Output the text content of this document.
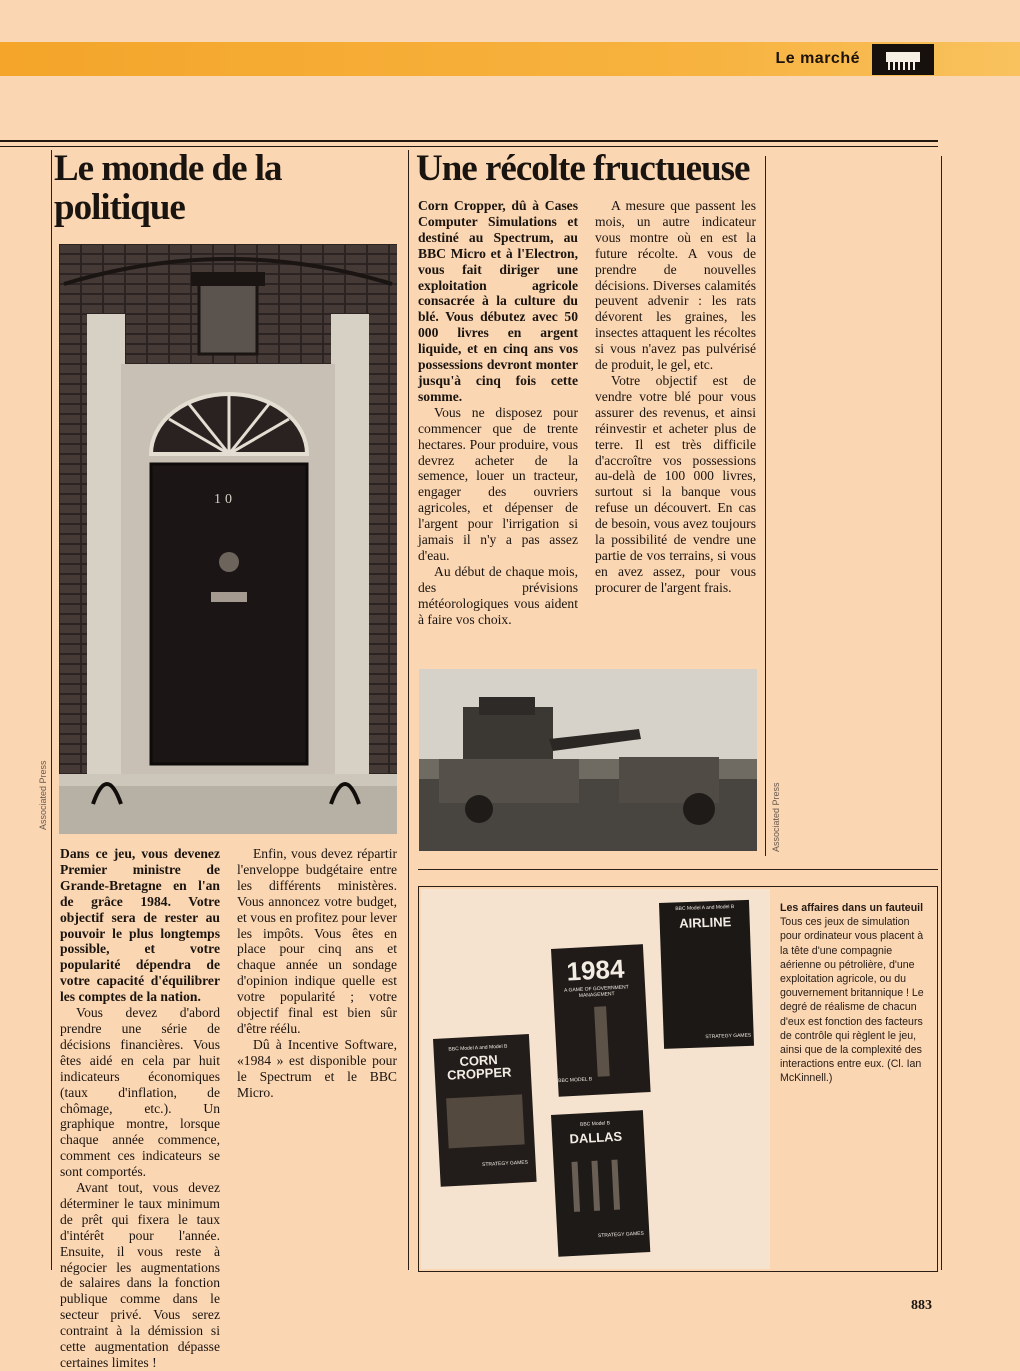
Le marché
Le monde de la politique
10
Associated Press

Dans ce jeu, vous devenez Premier ministre de Grande-Bretagne en l'an de grâce 1984. Votre objectif sera de rester au pouvoir le plus longtemps possible, et votre popularité dépendra de votre capacité d'équilibrer les comptes de la nation.

Vous devez d'abord prendre une série de décisions financières. Vous êtes aidé en cela par huit indicateurs économiques (taux d'inflation, de chômage, etc.). Un graphique montre, lorsque chaque année commence, comment ces indicateurs se sont comportés.

Avant tout, vous devez déterminer le taux minimum de prêt qui fixera le taux d'intérêt pour l'année. Ensuite, il vous reste à négocier les augmentations de salaires dans la fonction publique comme dans le secteur privé. Vous serez contraint à la démission si cette augmentation dépasse certaines limites !

Enfin, vous devez répartir l'enveloppe budgétaire entre les différents ministères. Vous annoncez votre budget, et vous en profitez pour lever les impôts. Vous êtes en place pour cinq ans et chaque année un sondage d'opinion indique quelle est votre popularité ; votre objectif final est bien sûr d'être réélu.

Dû à Incentive Software, «1984 » est disponible pour le Spectrum et le BBC Micro.

Une récolte fructueuse

Corn Cropper, dû à Cases Computer Simulations et destiné au Spectrum, au BBC Micro et à l'Electron, vous fait diriger une exploitation agricole consacrée à la culture du blé. Vous débutez avec 50 000 livres en argent liquide, et en cinq ans vos possessions devront monter jusqu'à cinq fois cette somme.

Vous ne disposez pour commencer que de trente hectares. Pour produire, vous devrez acheter de la semence, louer un tracteur, engager des ouvriers agricoles, et dépenser de l'argent pour l'irrigation si jamais il n'y a pas assez d'eau.

Au début de chaque mois, des prévisions météorologiques vous aident à faire vos choix.

A mesure que passent les mois, un autre indicateur vous montre où en est la future récolte. A vous de prendre de nouvelles décisions. Diverses calamités peuvent advenir : les rats dévorent les graines, les insectes attaquent les récoltes si vous n'avez pas pulvérisé de produit, le gel, etc.

Votre objectif est de vendre votre blé pour vous assurer des revenus, et ainsi réinvestir et acheter plus de terre. Il est très difficile d'accroître vos possessions au-delà de 100 000 livres, surtout si la banque vous refuse un découvert. En cas de besoin, vous avez toujours la possibilité de vendre une partie de vos terrains, si vous en avez assez, pour vous procurer de l'argent frais.

Associated Press
BBC Model A and Model B
AIRLINE
STRATEGY GAMES
1984
A GAME OF GOVERNMENT MANAGEMENT
BBC MODEL B
BBC Model A and Model B
CORN CROPPER
STRATEGY GAMES
BBC Model B
DALLAS
STRATEGY GAMES
Les affaires dans un fauteuil
Tous ces jeux de simulation pour ordinateur vous placent à la tête d'une compagnie aérienne ou pétrolière, d'une exploitation agricole, ou du gouvernement britannique ! Le degré de réalisme de chacun d'eux est fonction des facteurs de contrôle qui règlent le jeu, ainsi que de la complexité des interactions entre eux. (Cl. Ian McKinnell.)
883
